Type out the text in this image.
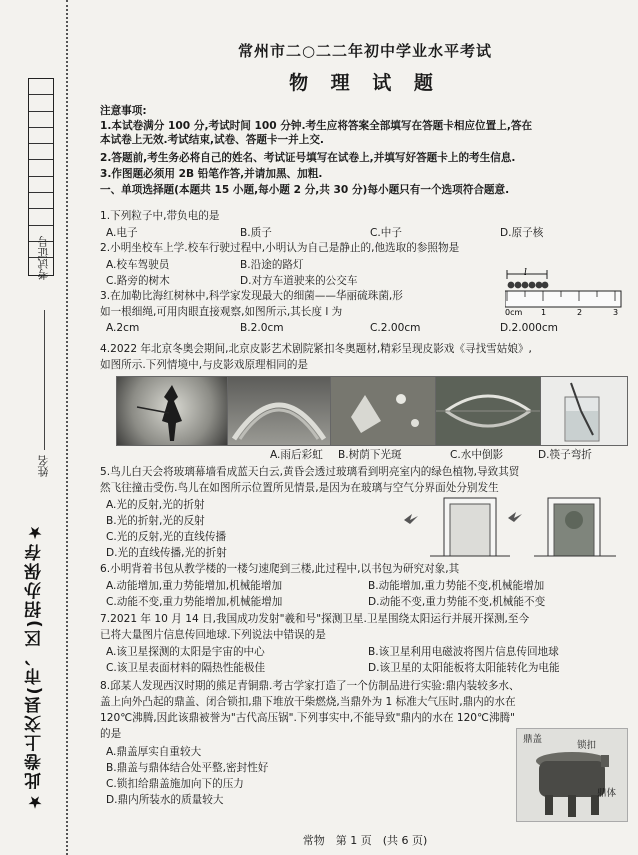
考试证号
姓名
★此卷上交县(市、区)招办保存★
常州市二○二二年初中学业水平考试
物 理 试 题
注意事项:
1.本试卷满分 100 分,考试时间 100 分钟.考生应将答案全部填写在答题卡相应位置上,答在
本试卷上无效.考试结束,试卷、答题卡一并上交.
2.答题前,考生务必将自己的姓名、考试证号填写在试卷上,并填写好答题卡上的考生信息.
3.作图题必须用 2B 铅笔作答,并请加黑、加粗.
一、单项选择题(本题共 15 小题,每小题 2 分,共 30 分)每小题只有一个选项符合题意.
1.下列粒子中,带负电的是
A.电子	B.质子	C.中子	D.原子核
2.小明坐校车上学.校车行驶过程中,小明认为自己是静止的,他选取的参照物是
A.校车驾驶员	B.沿途的路灯
C.路旁的树木	D.对方车道驶来的公交车
l
0cm 1	2	3
3.在加勒比海红树林中,科学家发现最大的细菌——华丽硫珠菌,形
如一根细绳,可用肉眼直接观察,如图所示,其长度 l 为
A.2cm	B.2.0cm	C.2.00cm	D.2.000cm
4.2022 年北京冬奥会期间,北京皮影艺术剧院紧扣冬奥题材,精彩呈现皮影戏《寻找雪姑娘》,
如图所示.下列情境中,与皮影戏原理相同的是
A.雨后彩虹 B.树荫下光斑	C.水中倒影	D.筷子弯折
5.鸟儿白天会将玻璃幕墙看成蓝天白云,黄昏会透过玻璃看到明亮室内的绿色植物,导致其贸
然飞往撞击受伤.鸟儿在如图所示位置所见情景,是因为在玻璃与空气分界面处分别发生
A.光的反射,光的折射
B.光的折射,光的反射
C.光的反射,光的直线传播
D.光的直线传播,光的折射
6.小明背着书包从教学楼的一楼匀速爬到三楼,此过程中,以书包为研究对象,其
A.动能增加,重力势能增加,机械能增加	B.动能增加,重力势能不变,机械能增加
C.动能不变,重力势能增加,机械能增加	D.动能不变,重力势能不变,机械能不变
7.2021 年 10 月 14 日,我国成功发射"羲和号"探测卫星.卫星围绕太阳运行并展开探测,至今
已将大量图片信息传回地球.下列说法中错误的是
A.该卫星探测的太阳是宇宙的中心	B.该卫星利用电磁波将图片信息传回地球
C.该卫星表面材料的隔热性能极佳	D.该卫星的太阳能板将太阳能转化为电能
8.邱某人发现西汉时期的熊足青铜鼎.考古学家打造了一个仿制品进行实验:鼎内装较多水、
盖上向外凸起的鼎盖、闭合锁扣,鼎下堆放干柴燃烧,当鼎外为 1 标准大气压时,鼎内的水在
120℃沸腾,因此该鼎被誉为"古代高压锅".下列事实中,不能导致"鼎内的水在 120℃沸腾"
的是
A.鼎盖厚实自重较大
B.鼎盖与鼎体结合处平整,密封性好
C.锁扣给鼎盖施加向下的压力
D.鼎内所装水的质量较大
鼎盖
锁扣
鼎体
常物　第 1 页　(共 6 页)
